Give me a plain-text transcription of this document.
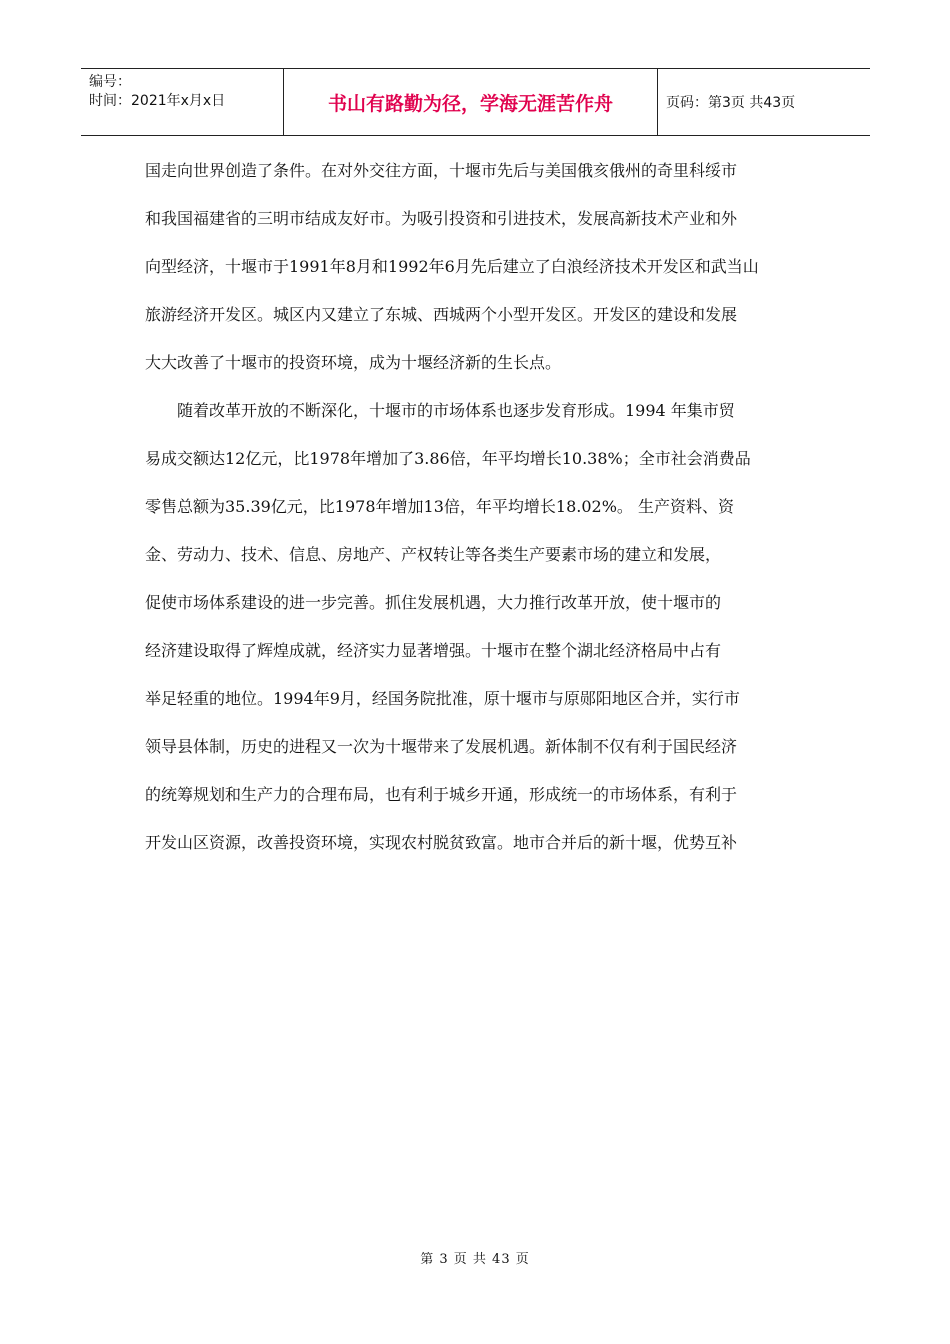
编号：
时间：2021年x月x日	书山有路勤为径，学海无涯苦作舟	页码：第3页 共43页

国走向世界创造了条件。在对外交往方面，十堰市先后与美国俄亥俄州的奇里科绥市

和我国福建省的三明市结成友好市。为吸引投资和引进技术，发展高新技术产业和外

向型经济，十堰市于1991年8月和1992年6月先后建立了白浪经济技术开发区和武当山

旅游经济开发区。城区内又建立了东城、西城两个小型开发区。开发区的建设和发展

大大改善了十堰市的投资环境，成为十堰经济新的生长点。

随着改革开放的不断深化，十堰市的市场体系也逐步发育形成。1994 年集市贸

易成交额达12亿元，比1978年增加了3.86倍，年平均增长10.38%；全市社会消费品

零售总额为35.39亿元，比1978年增加13倍，年平均增长18.02%。 生产资料、资

金、劳动力、技术、信息、房地产、产权转让等各类生产要素市场的建立和发展，

促使市场体系建设的进一步完善。抓住发展机遇，大力推行改革开放，使十堰市的

经济建设取得了辉煌成就，经济实力显著增强。十堰市在整个湖北经济格局中占有

举足轻重的地位。1994年9月，经国务院批准，原十堰市与原郧阳地区合并，实行市

领导县体制，历史的进程又一次为十堰带来了发展机遇。新体制不仅有利于国民经济

的统筹规划和生产力的合理布局，也有利于城乡开通，形成统一的市场体系，有利于

开发山区资源，改善投资环境，实现农村脱贫致富。地市合并后的新十堰，优势互补

第 3 页 共 43 页
